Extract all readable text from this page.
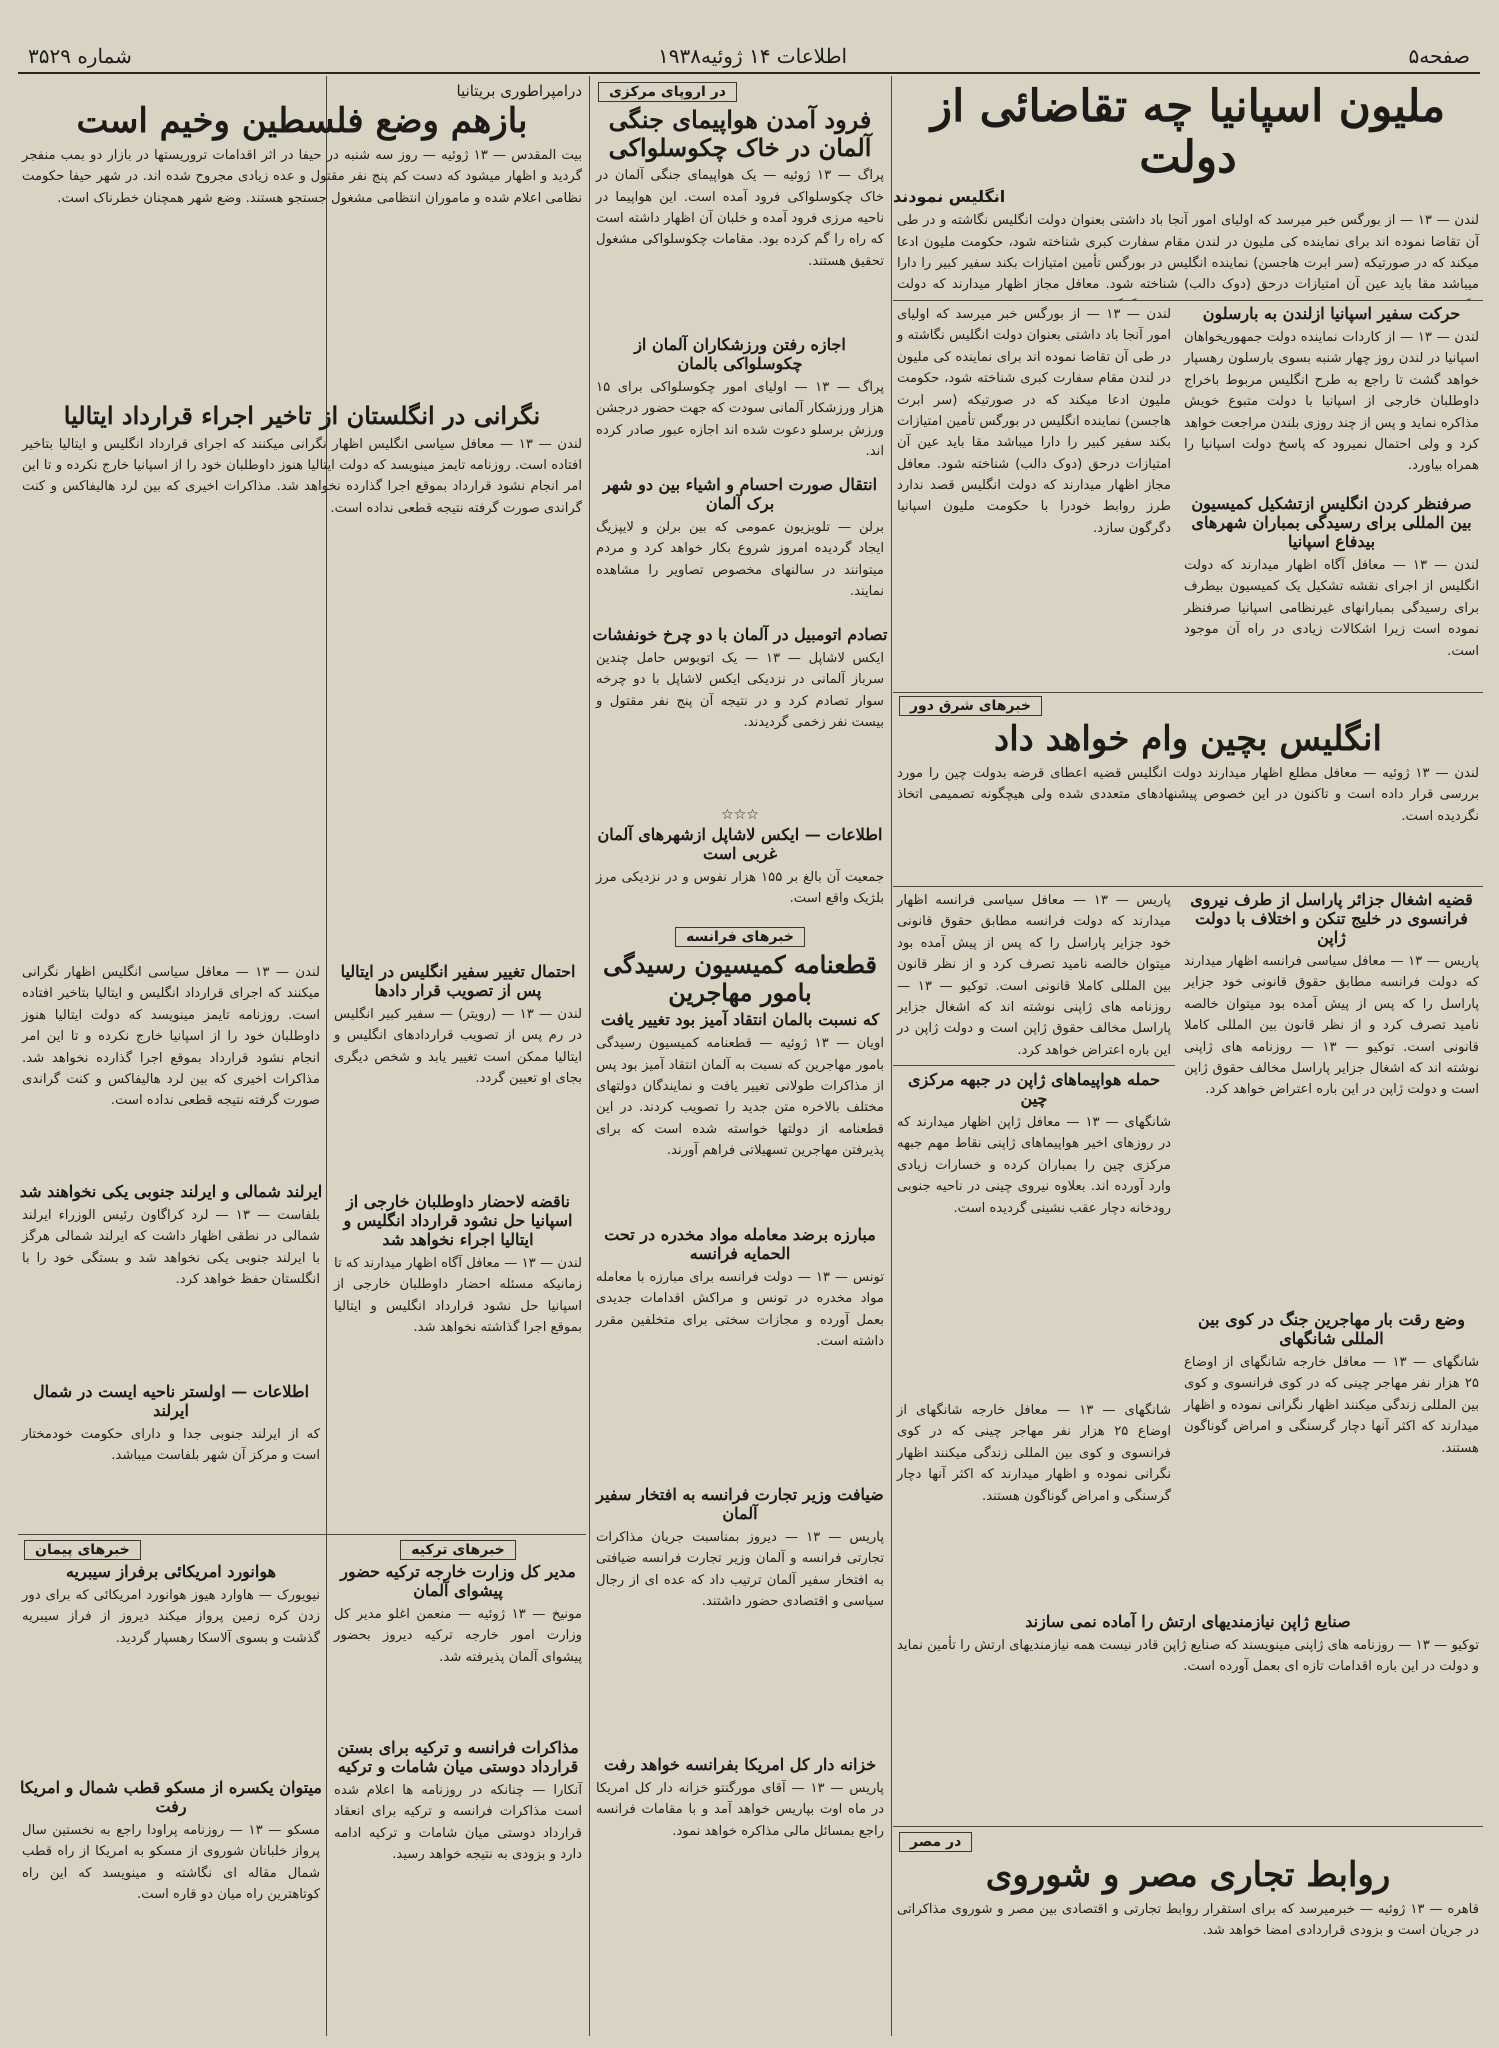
صفحه۵
اطلاعات ۱۴ ژوئیه۱۹۳۸
شماره ۳۵۲۹
ملیون اسپانیا چه تقاضائی از دولت
انگلیس نمودند
لندن — ۱۳ — از بورگس خبر میرسد که اولیای امور آنجا باد داشتی بعنوان دولت انگلیس نگاشته و در طی آن تقاضا نموده اند برای نماینده کی ملیون در لندن مقام سفارت کبری شناخته شود، حکومت ملیون ادعا میکند که در صورتیکه (سر ابرت هاجسن) نماینده انگلیس در بورگس تأمین امتیازات بکند سفیر کبیر را دارا میباشد مقا باید عین آن امتیازات درحق (دوک دالب) شناخته شود. معافل مجاز اظهار میدارند که دولت
حرکت سفیر اسپانیا ازلندن به بارسلون
لندن — ۱۳ — از کاردات نماینده دولت جمهوریخواهان اسپانیا در لندن روز چهار شنبه بسوی بارسلون رهسپار خواهد گشت تا راجع به طرح انگلیس مربوط باخراج داوطلبان خارجی از اسپانیا با دولت متبوع خویش مذاکره نماید و پس از چند روزی بلندن مراجعت خواهد کرد و ولی احتمال نمیرود که پاسخ دولت اسپانیا را همراه بیاورد.
صرفنظر کردن انگلیس ازتشکیل کمیسیون بین المللی برای رسیدگی بمباران شهرهای بیدفاع اسپانیا
لندن — ۱۳ — معافل آگاه اظهار میدارند که دولت انگلیس از اجرای نقشه تشکیل یک کمیسیون بیطرف برای رسیدگی بمبارانهای غیرنظامی اسپانیا صرفنظر نموده است زیرا اشکالات زیادی در راه آن موجود است.
لندن — ۱۳ — از بورگس خبر میرسد که اولیای امور آنجا باد داشتی بعنوان دولت انگلیس نگاشته و در طی آن تقاضا نموده اند برای نماینده کی ملیون در لندن مقام سفارت کبری شناخته شود، حکومت ملیون ادعا میکند که در صورتیکه (سر ابرت هاجسن) نماینده انگلیس در بورگس تأمین امتیازات بکند سفیر کبیر را دارا میباشد مقا باید عین آن امتیازات درحق (دوک دالب) شناخته شود. معافل مجاز اظهار میدارند که دولت انگلیس قصد ندارد طرز روابط خودرا با حکومت ملیون اسپانیا دگرگون سازد.
خبرهای شرق دور
انگلیس بچین وام خواهد داد
لندن — ۱۳ ژوئیه — معافل مطلع اظهار میدارند دولت انگلیس قضیه اعطای قرضه بدولت چین را مورد بررسی قرار داده است و تاکنون در این خصوص پیشنهادهای متعددی شده ولی هیچگونه تصمیمی اتخاذ نگردیده است.
قضیه اشغال جزائر پاراسل از طرف نیروی فرانسوی در خلیج تنکن و اختلاف با دولت ژاپن
پاریس — ۱۳ — معافل سیاسی فرانسه اظهار میدارند که دولت فرانسه مطابق حقوق قانونی خود جزایر پاراسل را که پس از پیش آمده بود میتوان خالصه نامید تصرف کرد و از نظر قانون بین المللی کاملا قانونی است. توکیو — ۱۳ — روزنامه های ژاپنی نوشته اند که اشغال جزایر پاراسل مخالف حقوق ژاپن است و دولت ژاپن در این باره اعتراض خواهد کرد.
پاریس — ۱۳ — معافل سیاسی فرانسه اظهار میدارند که دولت فرانسه مطابق حقوق قانونی خود جزایر پاراسل را که پس از پیش آمده بود میتوان خالصه نامید تصرف کرد و از نظر قانون بین المللی کاملا قانونی است. توکیو — ۱۳ — روزنامه های ژاپنی نوشته اند که اشغال جزایر پاراسل مخالف حقوق ژاپن است و دولت ژاپن در این باره اعتراض خواهد کرد.
حمله هواپیماهای ژاپن در جبهه مرکزی چین
شانگهای — ۱۳ — معافل ژاپن اظهار میدارند که در روزهای اخیر هواپیماهای ژاپنی نقاط مهم جبهه مرکزی چین را بمباران کرده و خسارات زیادی وارد آورده اند. بعلاوه نیروی چینی در ناحیه جنوبی رودخانه دچار عقب نشینی گردیده است.
وضع رقت بار مهاجرین جنگ در کوی بین المللی شانگهای
شانگهای — ۱۳ — معافل خارجه شانگهای از اوضاع ۲۵ هزار نفر مهاجر چینی که در کوی فرانسوی و کوی بین المللی زندگی میکنند اظهار نگرانی نموده و اظهار میدارند که اکثر آنها دچار گرسنگی و امراض گوناگون هستند.
شانگهای — ۱۳ — معافل خارجه شانگهای از اوضاع ۲۵ هزار نفر مهاجر چینی که در کوی فرانسوی و کوی بین المللی زندگی میکنند اظهار نگرانی نموده و اظهار میدارند که اکثر آنها دچار گرسنگی و امراض گوناگون هستند.
صنایع ژاپن نیازمندیهای ارتش را آماده نمی سازند
توکیو — ۱۳ — روزنامه های ژاپنی مینویسند که صنایع ژاپن قادر نیست همه نیازمندیهای ارتش را تأمین نماید و دولت در این باره اقدامات تازه ای بعمل آورده است.
در مصر
روابط تجاری مصر و شوروی
قاهره — ۱۳ ژوئیه — خبرمیرسد که برای استقرار روابط تجارتی و اقتصادی بین مصر و شوروی مذاکراتی در جریان است و بزودی قراردادی امضا خواهد شد.
در اروپای مرکزی
فرود آمدن هواپیمای جنگی آلمان در خاک چکوسلواکی
پراگ — ۱۳ ژوئیه — یک هواپیمای جنگی آلمان در خاک چکوسلواکی فرود آمده است. این هواپیما در ناحیه مرزی فرود آمده و خلبان آن اظهار داشته است که راه را گم کرده بود. مقامات چکوسلواکی مشغول تحقیق هستند.
اجازه رفتن ورزشکاران آلمان از چکوسلواکی بالمان
پراگ — ۱۳ — اولیای امور چکوسلواکی برای ۱۵ هزار ورزشکار آلمانی سودت که جهت حضور درجشن ورزش برسلو دعوت شده اند اجازه عبور صادر کرده اند.
انتقال صورت احسام و اشیاء بین دو شهر برک آلمان
برلن — تلویزیون عمومی که بین برلن و لایپزیگ ایجاد گردیده امروز شروع بکار خواهد کرد و مردم میتوانند در سالنهای مخصوص تصاویر را مشاهده نمایند.
تصادم اتومبیل در آلمان با دو چرخ خونفشات
ایکس لاشاپل — ۱۳ — یک اتوبوس حامل چندین سرباز آلمانی در نزدیکی ایکس لاشاپل با دو چرخه سوار تصادم کرد و در نتیجه آن پنج نفر مقتول و بیست نفر زخمی گردیدند.
☆☆☆
اطلاعات — ایکس لاشاپل ازشهرهای آلمان غربی است
جمعیت آن بالغ بر ۱۵۵ هزار نفوس و در نزدیکی مرز بلژیک واقع است.
خبرهای فرانسه
قطعنامه کمیسیون رسیدگی بامور مهاجرین
که نسبت بالمان انتقاد آمیز بود تغییر یافت
اویان — ۱۳ ژوئیه — قطعنامه کمیسیون رسیدگی بامور مهاجرین که نسبت به آلمان انتقاد آمیز بود پس از مذاکرات طولانی تغییر یافت و نمایندگان دولتهای مختلف بالاخره متن جدید را تصویب کردند. در این قطعنامه از دولتها خواسته شده است که برای پذیرفتن مهاجرین تسهیلاتی فراهم آورند.
مبارزه برضد معامله مواد مخدره در تحت الحمایه فرانسه
تونس — ۱۳ — دولت فرانسه برای مبارزه با معامله مواد مخدره در تونس و مراکش اقدامات جدیدی بعمل آورده و مجازات سختی برای متخلفین مقرر داشته است.
ضیافت وزیر تجارت فرانسه به افتخار سفیر آلمان
پاریس — ۱۳ — دیروز بمناسبت جریان مذاکرات تجارتی فرانسه و آلمان وزیر تجارت فرانسه ضیافتی به افتخار سفیر آلمان ترتیب داد که عده ای از رجال سیاسی و اقتصادی حضور داشتند.
خزانه دار کل امریکا بفرانسه خواهد رفت
پاریس — ۱۳ — آقای مورگنتو خزانه دار کل امریکا در ماه اوت بپاریس خواهد آمد و با مقامات فرانسه راجع بمسائل مالی مذاکره خواهد نمود.
درامپراطوری بریتانیا
بازهم وضع فلسطین وخیم است
بیت المقدس — ۱۳ ژوئیه — روز سه شنبه در حیفا در اثر اقدامات تروریستها در بازار دو بمب منفجر گردید و اظهار میشود که دست کم پنج نفر مقتول و عده زیادی مجروح شده اند. در شهر حیفا حکومت نظامی اعلام شده و ماموران انتظامی مشغول جستجو هستند. وضع شهر همچنان خطرناک است.
نگرانی در انگلستان از تاخیر اجراء قرارداد ایتالیا
لندن — ۱۳ — معافل سیاسی انگلیس اظهار نگرانی میکنند که اجرای قرارداد انگلیس و ایتالیا بتاخیر افتاده است. روزنامه تایمز مینویسد که دولت ایتالیا هنوز داوطلبان خود را از اسپانیا خارج نکرده و تا این امر انجام نشود قرارداد بموقع اجرا گذارده نخواهد شد. مذاکرات اخیری که بین لرد هالیفاکس و کنت گراندی صورت گرفته نتیجه قطعی نداده است.
احتمال تغییر سفیر انگلیس در ایتالیا پس از تصویب قرار دادها
لندن — ۱۳ — (رویتر) — سفیر کبیر انگلیس در رم پس از تصویب قراردادهای انگلیس و ایتالیا ممکن است تغییر یابد و شخص دیگری بجای او تعیین گردد.
ناقضه لاحضار داوطلبان خارجی از اسپانیا حل نشود قرارداد انگلیس و ایتالیا اجراء نخواهد شد
لندن — ۱۳ — معافل آگاه اظهار میدارند که تا زمانیکه مسئله احضار داوطلبان خارجی از اسپانیا حل نشود قرارداد انگلیس و ایتالیا بموقع اجرا گذاشته نخواهد شد.
لندن — ۱۳ — معافل سیاسی انگلیس اظهار نگرانی میکنند که اجرای قرارداد انگلیس و ایتالیا بتاخیر افتاده است. روزنامه تایمز مینویسد که دولت ایتالیا هنوز داوطلبان خود را از اسپانیا خارج نکرده و تا این امر انجام نشود قرارداد بموقع اجرا گذارده نخواهد شد. مذاکرات اخیری که بین لرد هالیفاکس و کنت گراندی صورت گرفته نتیجه قطعی نداده است.
ایرلند شمالی و ایرلند جنوبی یکی نخواهند شد
بلفاست — ۱۳ — لرد کراگاون رئیس الوزراء ایرلند شمالی در نطقی اظهار داشت که ایرلند شمالی هرگز با ایرلند جنوبی یکی نخواهد شد و بستگی خود را با انگلستان حفظ خواهد کرد.
اطلاعات — اولستر ناحیه ایست در شمال ایرلند
که از ایرلند جنوبی جدا و دارای حکومت خودمختار است و مرکز آن شهر بلفاست میباشد.
خبرهای ترکیه
مدیر کل وزارت خارجه ترکیه حضور پیشوای آلمان
مونیخ — ۱۳ ژوئیه — منعمن اغلو مدیر کل وزارت امور خارجه ترکیه دیروز بحضور پیشوای آلمان پذیرفته شد.
مذاکرات فرانسه و ترکیه برای بستن قرارداد دوستی میان شامات و ترکیه
آنکارا — چنانکه در روزنامه ها اعلام شده است مذاکرات فرانسه و ترکیه برای انعقاد قرارداد دوستی میان شامات و ترکیه ادامه دارد و بزودی به نتیجه خواهد رسید.
خبرهای پیمان
هوانورد امریکائی برفراز سیبریه
نیویورک — هاوارد هیوز هوانورد امریکائی که برای دور زدن کره زمین پرواز میکند دیروز از فراز سیبریه گذشت و بسوی آلاسکا رهسپار گردید.
میتوان یکسره از مسکو قطب شمال و امریکا رفت
مسکو — ۱۳ — روزنامه پراودا راجع به نخستین سال پرواز خلبانان شوروی از مسکو به امریکا از راه قطب شمال مقاله ای نگاشته و مینویسد که این راه کوتاهترین راه میان دو قاره است.
